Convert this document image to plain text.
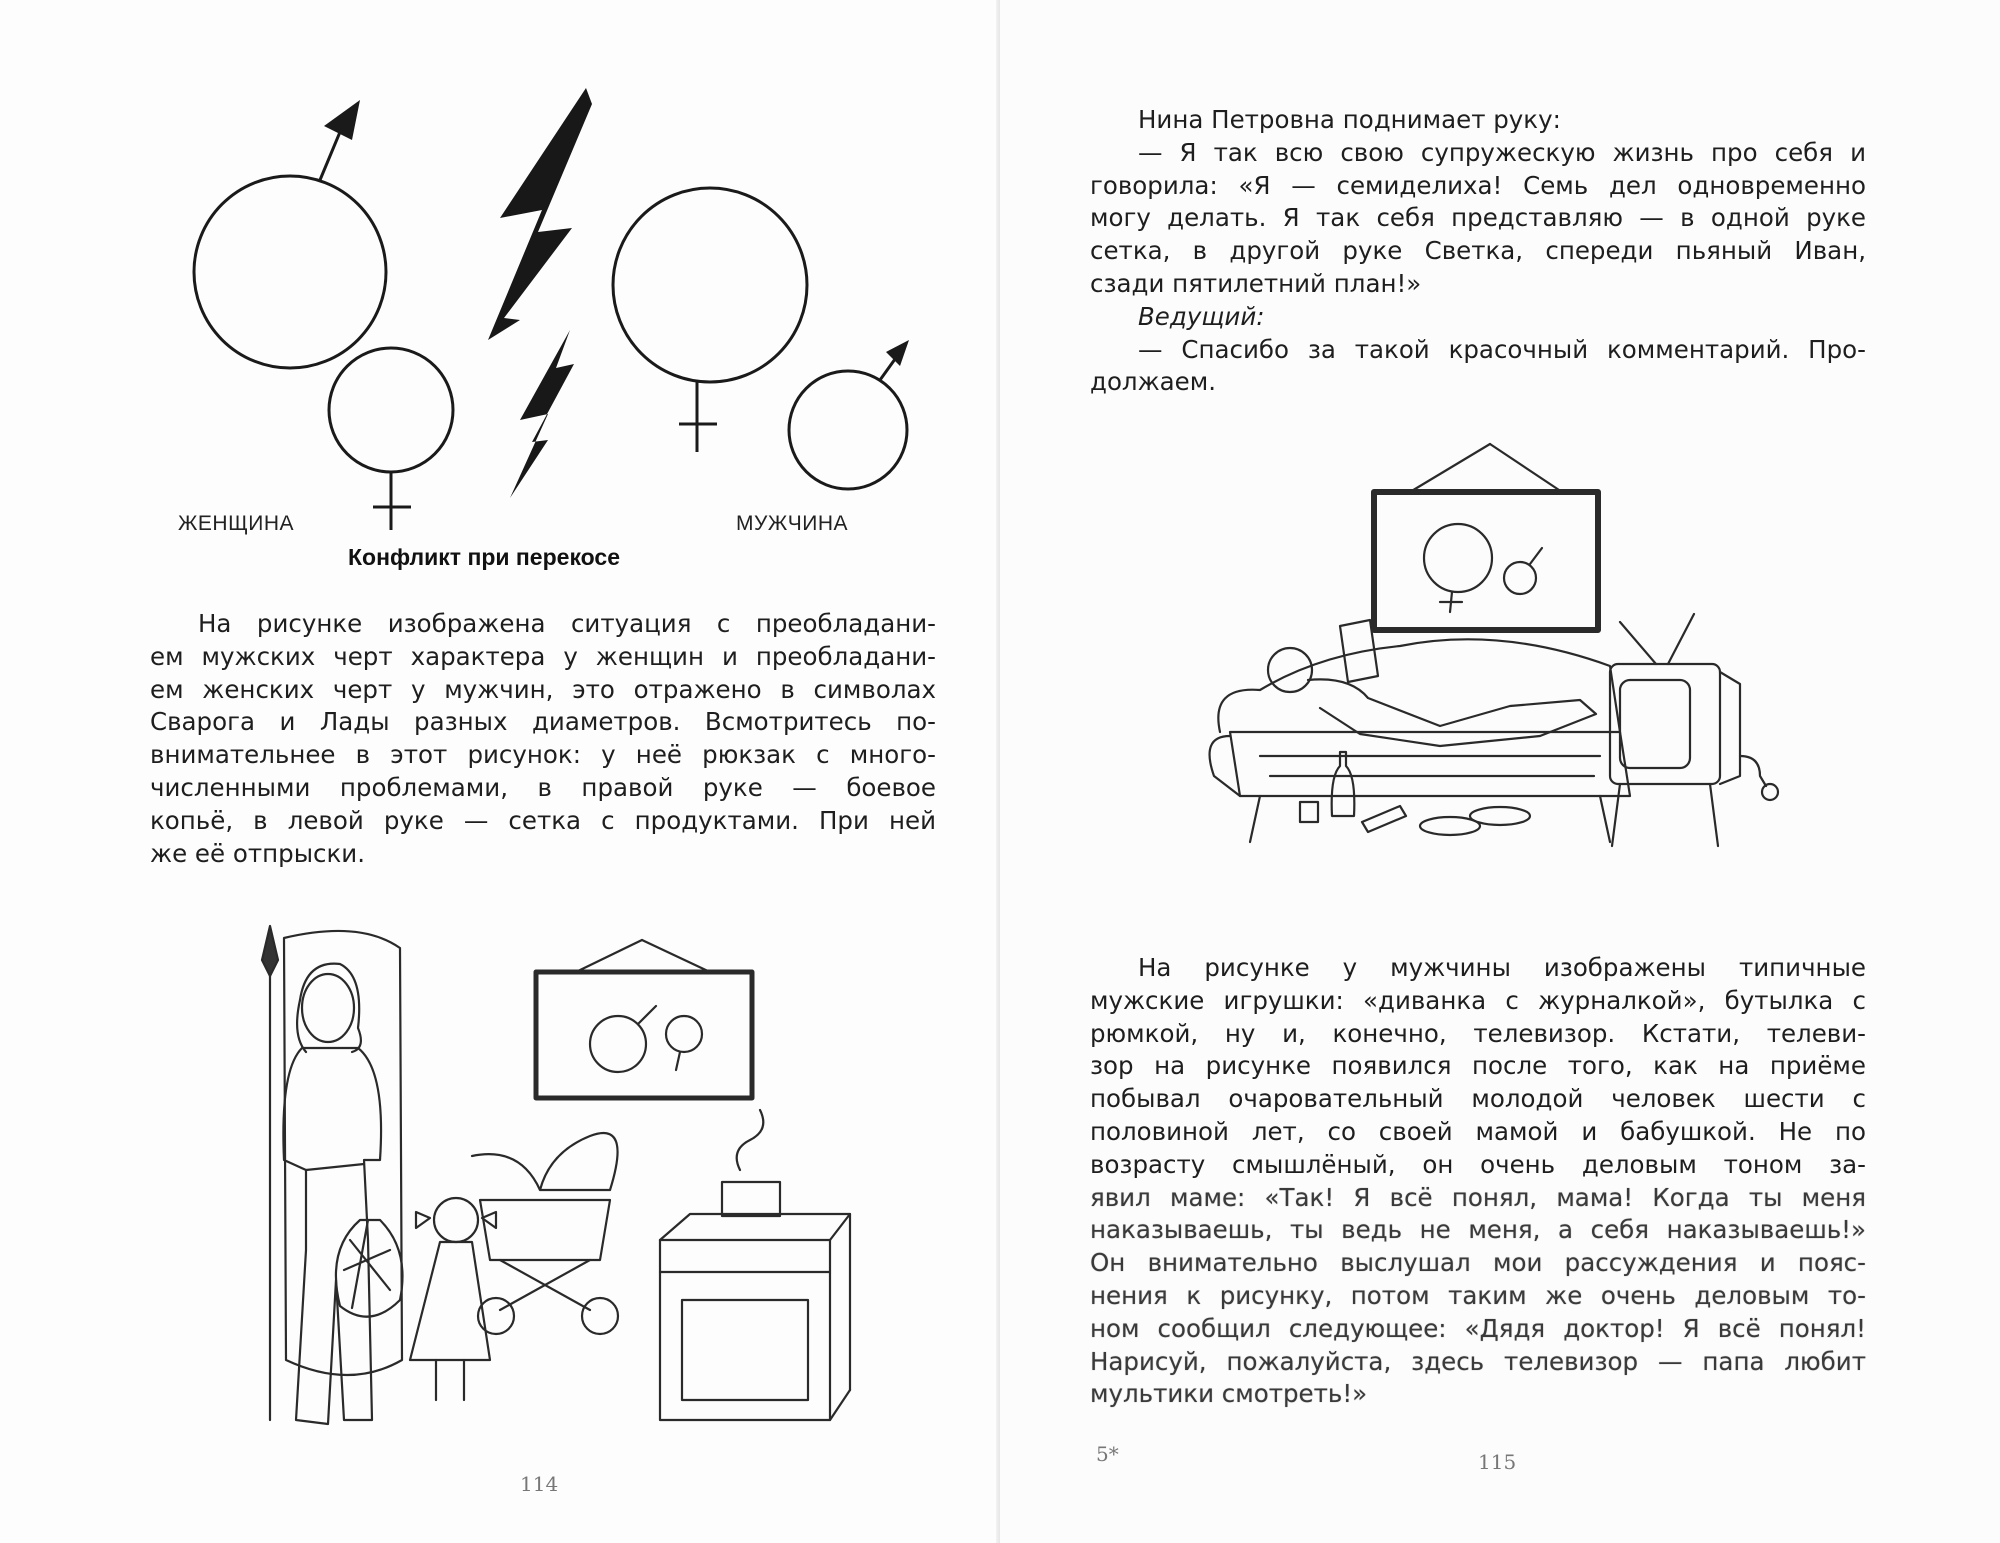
ЖЕНЩИНА	МУЖЧИНА
Конфликт при перекосе
На рисунке изображена ситуация с преобладани-
ем мужских черт характера у женщин и преобладани-
ем женских черт у мужчин, это отражено в символах
Сварога и Лады разных диаметров. Всмотритесь по-
внимательнее в этот рисунок: у неё рюкзак с много-
численными проблемами, в правой руке — боевое
копьё, в левой руке — сетка с продуктами. При ней
же её отпрыски.
114
Нина Петровна поднимает руку:
— Я так всю свою супружескую жизнь про себя и
говорила: «Я — семиделиха! Семь дел одновременно
могу делать. Я так себя представляю — в одной руке
сетка, в другой руке Светка, спереди пьяный Иван,
сзади пятилетний план!»
Ведущий:
— Спасибо за такой красочный комментарий. Про-
должаем.
На рисунке у мужчины изображены типичные
мужские игрушки: «диванка с журналкой», бутылка с
рюмкой, ну и, конечно, телевизор. Кстати, телеви-
зор на рисунке появился после того, как на приёме
побывал очаровательный молодой человек шести с
половиной лет, со своей мамой и бабушкой. Не по
возрасту смышлёный, он очень деловым тоном за-
явил маме: «Так! Я всё понял, мама! Когда ты меня
наказываешь, ты ведь не меня, а себя наказываешь!»
Он внимательно выслушал мои рассуждения и пояс-
нения к рисунку, потом таким же очень деловым то-
ном сообщил следующее: «Дядя доктор! Я всё понял!
Нарисуй, пожалуйста, здесь телевизор — папа любит
мультики смотреть!»
5*	115
